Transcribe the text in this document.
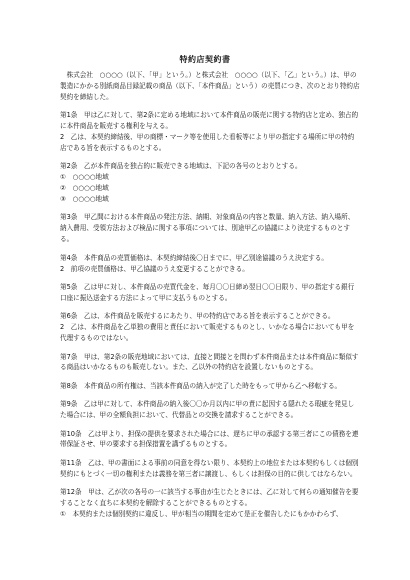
特約店契約書

　株式会社　○○○○（以下、「甲」という。）と株式会社　○○○○（以下、「乙」という。）は、甲の製造にかかる別紙商品目録記載の商品（以下、「本件商品」という）の売買につき、次のとおり特約店契約を締結した。

第1条　甲は乙に対して、第2条に定める地域において本件商品の販売に関する特約店と定め、独占的に本件商品を販売する権利を与える。

2　乙は、本契約締結後、甲の商標・マーク等を使用した看板等により甲の指定する場所に甲の特約店である旨を表示するものとする。

第2条　乙が本件商品を独占的に販売できる地域は、下記の各号のとおりとする。

①　○○○○地域

②　○○○○地域

③　○○○○地域

第3条　甲乙間における本件商品の発注方法、納期、対象商品の内容と数量、納入方法、納入場所、納入費用、受領方法および検品に関する事項については、別途甲乙の協議により決定するものとする。

第4条　本件商品の売買価格は、本契約締結後〇日までに、甲乙別途協議のうえ決定する。

2　前項の売買価格は、甲乙協議のうえ変更することができる。

第5条　乙は甲に対し、本件商品の売買代金を、毎月〇〇日締め翌日〇〇日限り、甲の指定する銀行口座に振込送金する方法によって甲に支払うものとする。

第6条　乙は、本件商品を販売するにあたり、甲の特約店である旨を表示することができる。

2　乙は、本件商品を乙単独の費用と責任において販売するものとし、いかなる場合においても甲を代理するものではない。

第7条　甲は、第2条の販売地域においては、直接と間接とを問わず本件商品または本件商品に類似する商品はいかなるものも販売しない。また、乙以外の特約店を設置しないものとする。

第8条　本件商品の所有権は、当該本件商品の納入が完了した時をもって甲から乙へ移転する。

第9条　乙は甲に対して、本件商品の納入後〇〇か月以内に甲の責に起因する隠れたる瑕疵を発見した場合には、甲の全額負担において、代替品との交換を請求することができる。

第10条　乙は甲より、担保の提供を要求された場合には、遅ちに甲の承認する第三者にこの債務を連帯保証させ、甲の要求する担保措置を講ずるものとする。

第11条　乙は、甲の書面による事前の同意を得ない限り、本契約上の地位または本契約もしくは個別契約にもとづく一切の権利または義務を第三者に譲渡し、もしくは担保の目的に供してはならない。

第12条　甲は、乙が次の各号の一に該当する事由が生じたときには、乙に対して何らの通知催告を要することなく直ちに本契約を解除することができるものとする。

①　本契約または個別契約に違反し、甲が相当の期間を定めて是正を催告したにもかかわらず、
